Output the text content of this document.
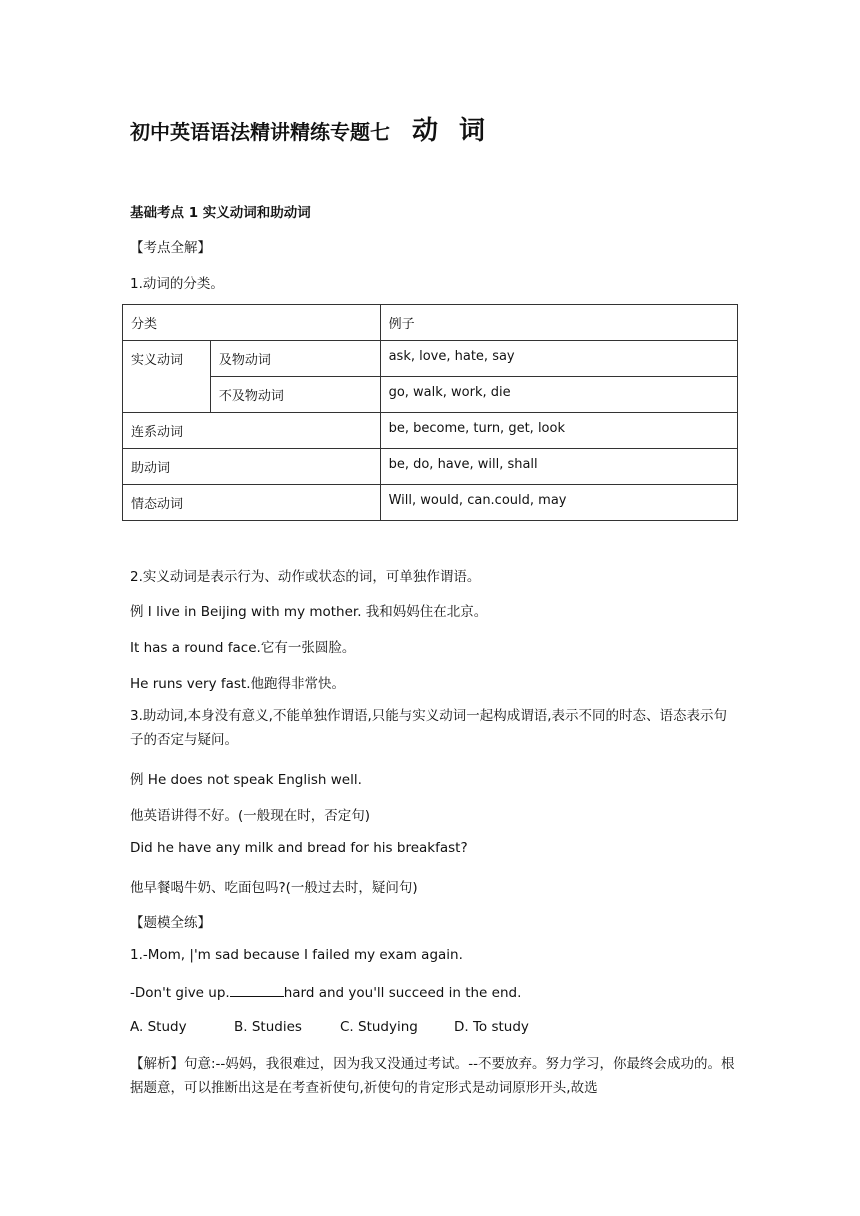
初中英语语法精讲精练专题七 动 词
基础考点 1 实义动词和助动词
【考点全解】
1.动词的分类。
分类		例子
实义动词	及物动词	ask, love, hate, say
	不及物动词	go, walk, work, die
连系动词		be, become, turn, get, look
助动词		be, do, have, will, shall
情态动词		Will, would, can.could, may
2.实义动词是表示行为、动作或状态的词，可单独作谓语。
例 I live in Beijing with my mother. 我和妈妈住在北京。
It has a round face.它有一张圆脸。
He runs very fast.他跑得非常快。
3.助动词,本身没有意义,不能单独作谓语,只能与实义动词一起构成谓语,表示不同的时态、语态表示句子的否定与疑问。
例 He does not speak English well.
他英语讲得不好。(一般现在时，否定句)
Did he have any milk and bread for his breakfast?
他早餐喝牛奶、吃面包吗?(一般过去时，疑问句)
【题模全练】
1.-Mom, |'m sad because I failed my exam again.
-Don't give up.	hard and you'll succeed in the end.
A. Study	B. Studies	C. Studying	D. To study
【解析】句意:--妈妈，我很难过，因为我又没通过考试。--不要放弃。努力学习，你最终会成功的。根据题意，可以推断出这是在考查祈使句,祈使句的肯定形式是动词原形开头,故选
